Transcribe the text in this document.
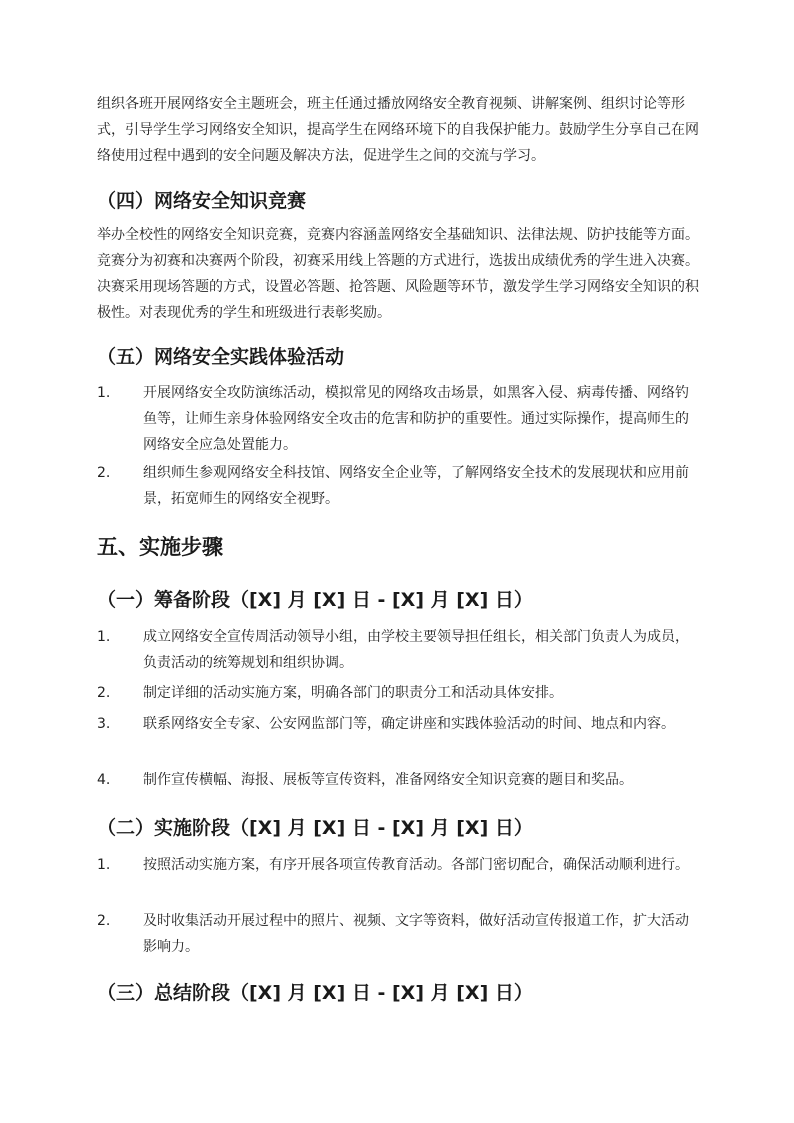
组织各班开展网络安全主题班会，班主任通过播放网络安全教育视频、讲解案例、组织讨论等形式，引导学生学习网络安全知识，提高学生在网络环境下的自我保护能力。鼓励学生分享自己在网络使用过程中遇到的安全问题及解决方法，促进学生之间的交流与学习。

（四）网络安全知识竞赛

举办全校性的网络安全知识竞赛，竞赛内容涵盖网络安全基础知识、法律法规、防护技能等方面。竞赛分为初赛和决赛两个阶段，初赛采用线上答题的方式进行，选拔出成绩优秀的学生进入决赛。决赛采用现场答题的方式，设置必答题、抢答题、风险题等环节，激发学生学习网络安全知识的积极性。对表现优秀的学生和班级进行表彰奖励。

（五）网络安全实践体验活动
1.	开展网络安全攻防演练活动，模拟常见的网络攻击场景，如黑客入侵、病毒传播、网络钓鱼等，让师生亲身体验网络安全攻击的危害和防护的重要性。通过实际操作，提高师生的网络安全应急处置能力。
2.	组织师生参观网络安全科技馆、网络安全企业等，了解网络安全技术的发展现状和应用前景，拓宽师生的网络安全视野。
五、实施步骤
（一）筹备阶段（[X] 月 [X] 日 - [X] 月 [X] 日）
1.	成立网络安全宣传周活动领导小组，由学校主要领导担任组长，相关部门负责人为成员，负责活动的统筹规划和组织协调。
2.	制定详细的活动实施方案，明确各部门的职责分工和活动具体安排。
3.	联系网络安全专家、公安网监部门等，确定讲座和实践体验活动的时间、地点和内容。
4.	制作宣传横幅、海报、展板等宣传资料，准备网络安全知识竞赛的题目和奖品。
（二）实施阶段（[X] 月 [X] 日 - [X] 月 [X] 日）
1.	按照活动实施方案，有序开展各项宣传教育活动。各部门密切配合，确保活动顺利进行。
2.	及时收集活动开展过程中的照片、视频、文字等资料，做好活动宣传报道工作，扩大活动影响力。
（三）总结阶段（[X] 月 [X] 日 - [X] 月 [X] 日）
